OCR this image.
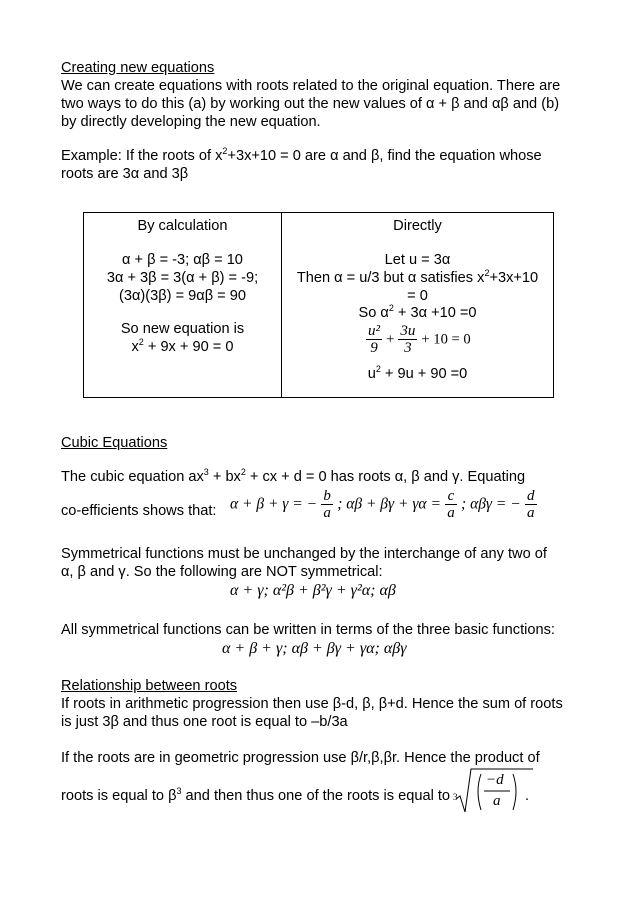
Creating new equations
We can create equations with roots related to the original equation. There are
two ways to do this (a) by working out the new values of α + β and αβ and (b)
by directly developing the new equation.
Example: If the roots of $x^2+3x+10 = 0$ are α and β, find the equation whose
roots are 3α and 3β
By calculation
α + β = -3; αβ = 10
3α + 3β = 3(α + β) = -9;
(3α)(3β) = 9αβ = 90
So new equation is
$x^2 + 9x + 90 = 0$
Directly
Let u = 3α
Then α = u/3 but α satisfies $x^2+3x+10$
= 0
So $\alpha^2 + 3\alpha +10 =0$
$\frac{\text{u²}}{9} + \frac{3u}{3} + 10 = 0$
$u^2 + 9u + 90 =0$
Cubic Equations
The cubic equation $ax^3 + bx^2$ + cx + d = 0 has roots α, β and γ. Equating
co-efficients shows that: α + β + γ = − $\frac{b}{a}$ ; $\alpha\beta + \beta\gamma + \gamma\alpha = \frac{c}{a}$ ; αβγ = − $\frac{d}{a}$
Symmetrical functions must be unchanged by the interchange of any two of
α, β and γ. So the following are NOT symmetrical:
α + γ; α²β + β²γ + γ²α; αβ
All symmetrical functions can be written in terms of the three basic functions:
α + β + γ; αβ + βγ + γα; αβγ
Relationship between roots
If roots in arithmetic progression then use β-d, β, β+d. Hence the sum of roots
is just 3β and thus one root is equal to –b/3a
If the roots are in geometric progression use β/r,β,βr. Hence the product of
roots is equal to $\beta^3$ and then thus one of the roots is equal to 3
−d
a .
